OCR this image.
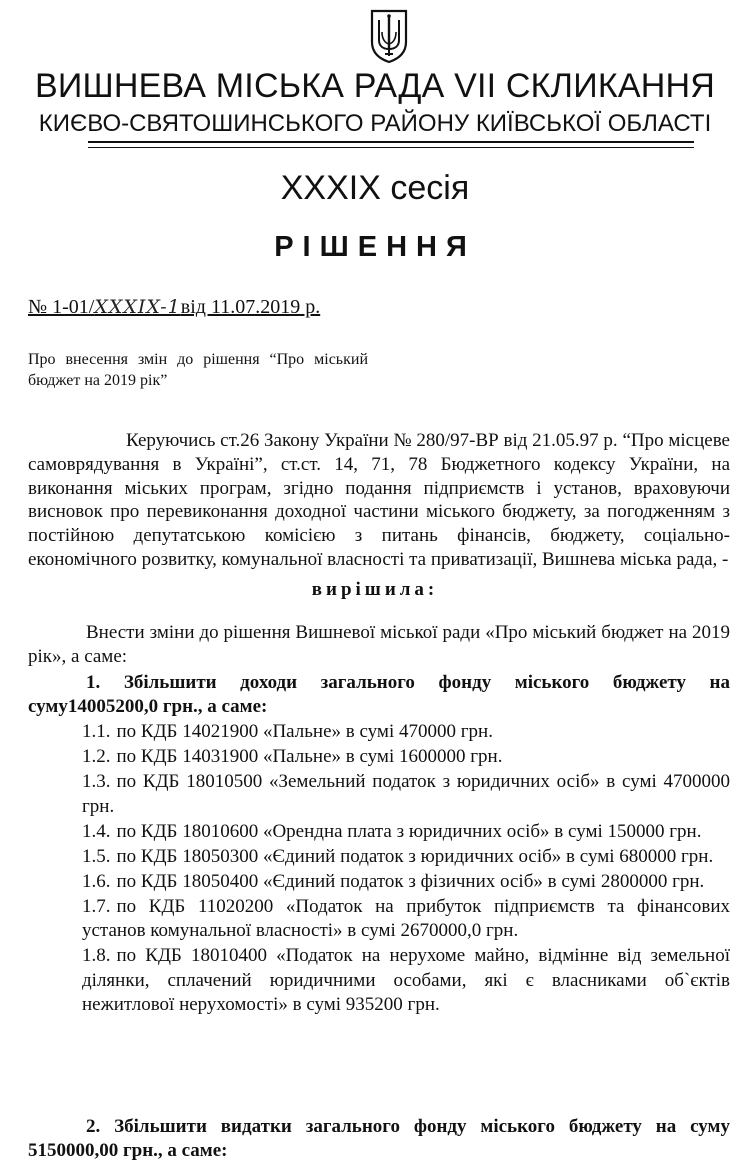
ВИШНЕВА МІСЬКА РАДА VII СКЛИКАННЯ
КИЄВО-СВЯТОШИНСЬКОГО РАЙОНУ КИЇВСЬКОЇ ОБЛАСТІ
XXXIX сесія
РІШЕННЯ
№ 1-01/XXXIX-1від 11.07.2019 р.
Про внесення змін до рішення “Про міський бюджет на 2019 рік”
Керуючись ст.26 Закону України № 280/97-ВР від 21.05.97 р. “Про місцеве самоврядування в Україні”, ст.ст. 14, 71, 78 Бюджетного кодексу України, на виконання міських програм, згідно подання підприємств і установ, враховуючи висновок про перевиконання доходної частини міського бюджету, за погодженням з постійною депутатською комісією з питань фінансів, бюджету, соціально-економічного розвитку, комунальної власності та приватизації, Вишнева міська рада, -
вирішила:
Внести зміни до рішення Вишневої міської ради «Про міський бюджет на 2019 рік», а саме:
1. Збільшити доходи загального фонду міського бюджету на суму14005200,0 грн., а саме:
1.1. по КДБ 14021900 «Пальне» в сумі 470000 грн.
1.2. по КДБ 14031900 «Пальне» в сумі 1600000 грн.
1.3. по КДБ 18010500 «Земельний податок з юридичних осіб» в сумі 4700000 грн.
1.4. по КДБ 18010600 «Орендна плата з юридичних осіб» в сумі 150000 грн.
1.5. по КДБ 18050300 «Єдиний податок з юридичних осіб» в сумі 680000 грн.
1.6. по КДБ 18050400 «Єдиний податок з фізичних осіб» в сумі 2800000 грн.
1.7. по КДБ 11020200 «Податок на прибуток підприємств та фінансових установ комунальної власності» в сумі 2670000,0 грн.
1.8. по КДБ 18010400 «Податок на нерухоме майно, відмінне від земельної ділянки, сплачений юридичними особами, які є власниками об`єктів нежитлової нерухомості» в сумі 935200 грн.
2. Збільшити видатки загального фонду міського бюджету на суму 5150000,00 грн., а саме:
